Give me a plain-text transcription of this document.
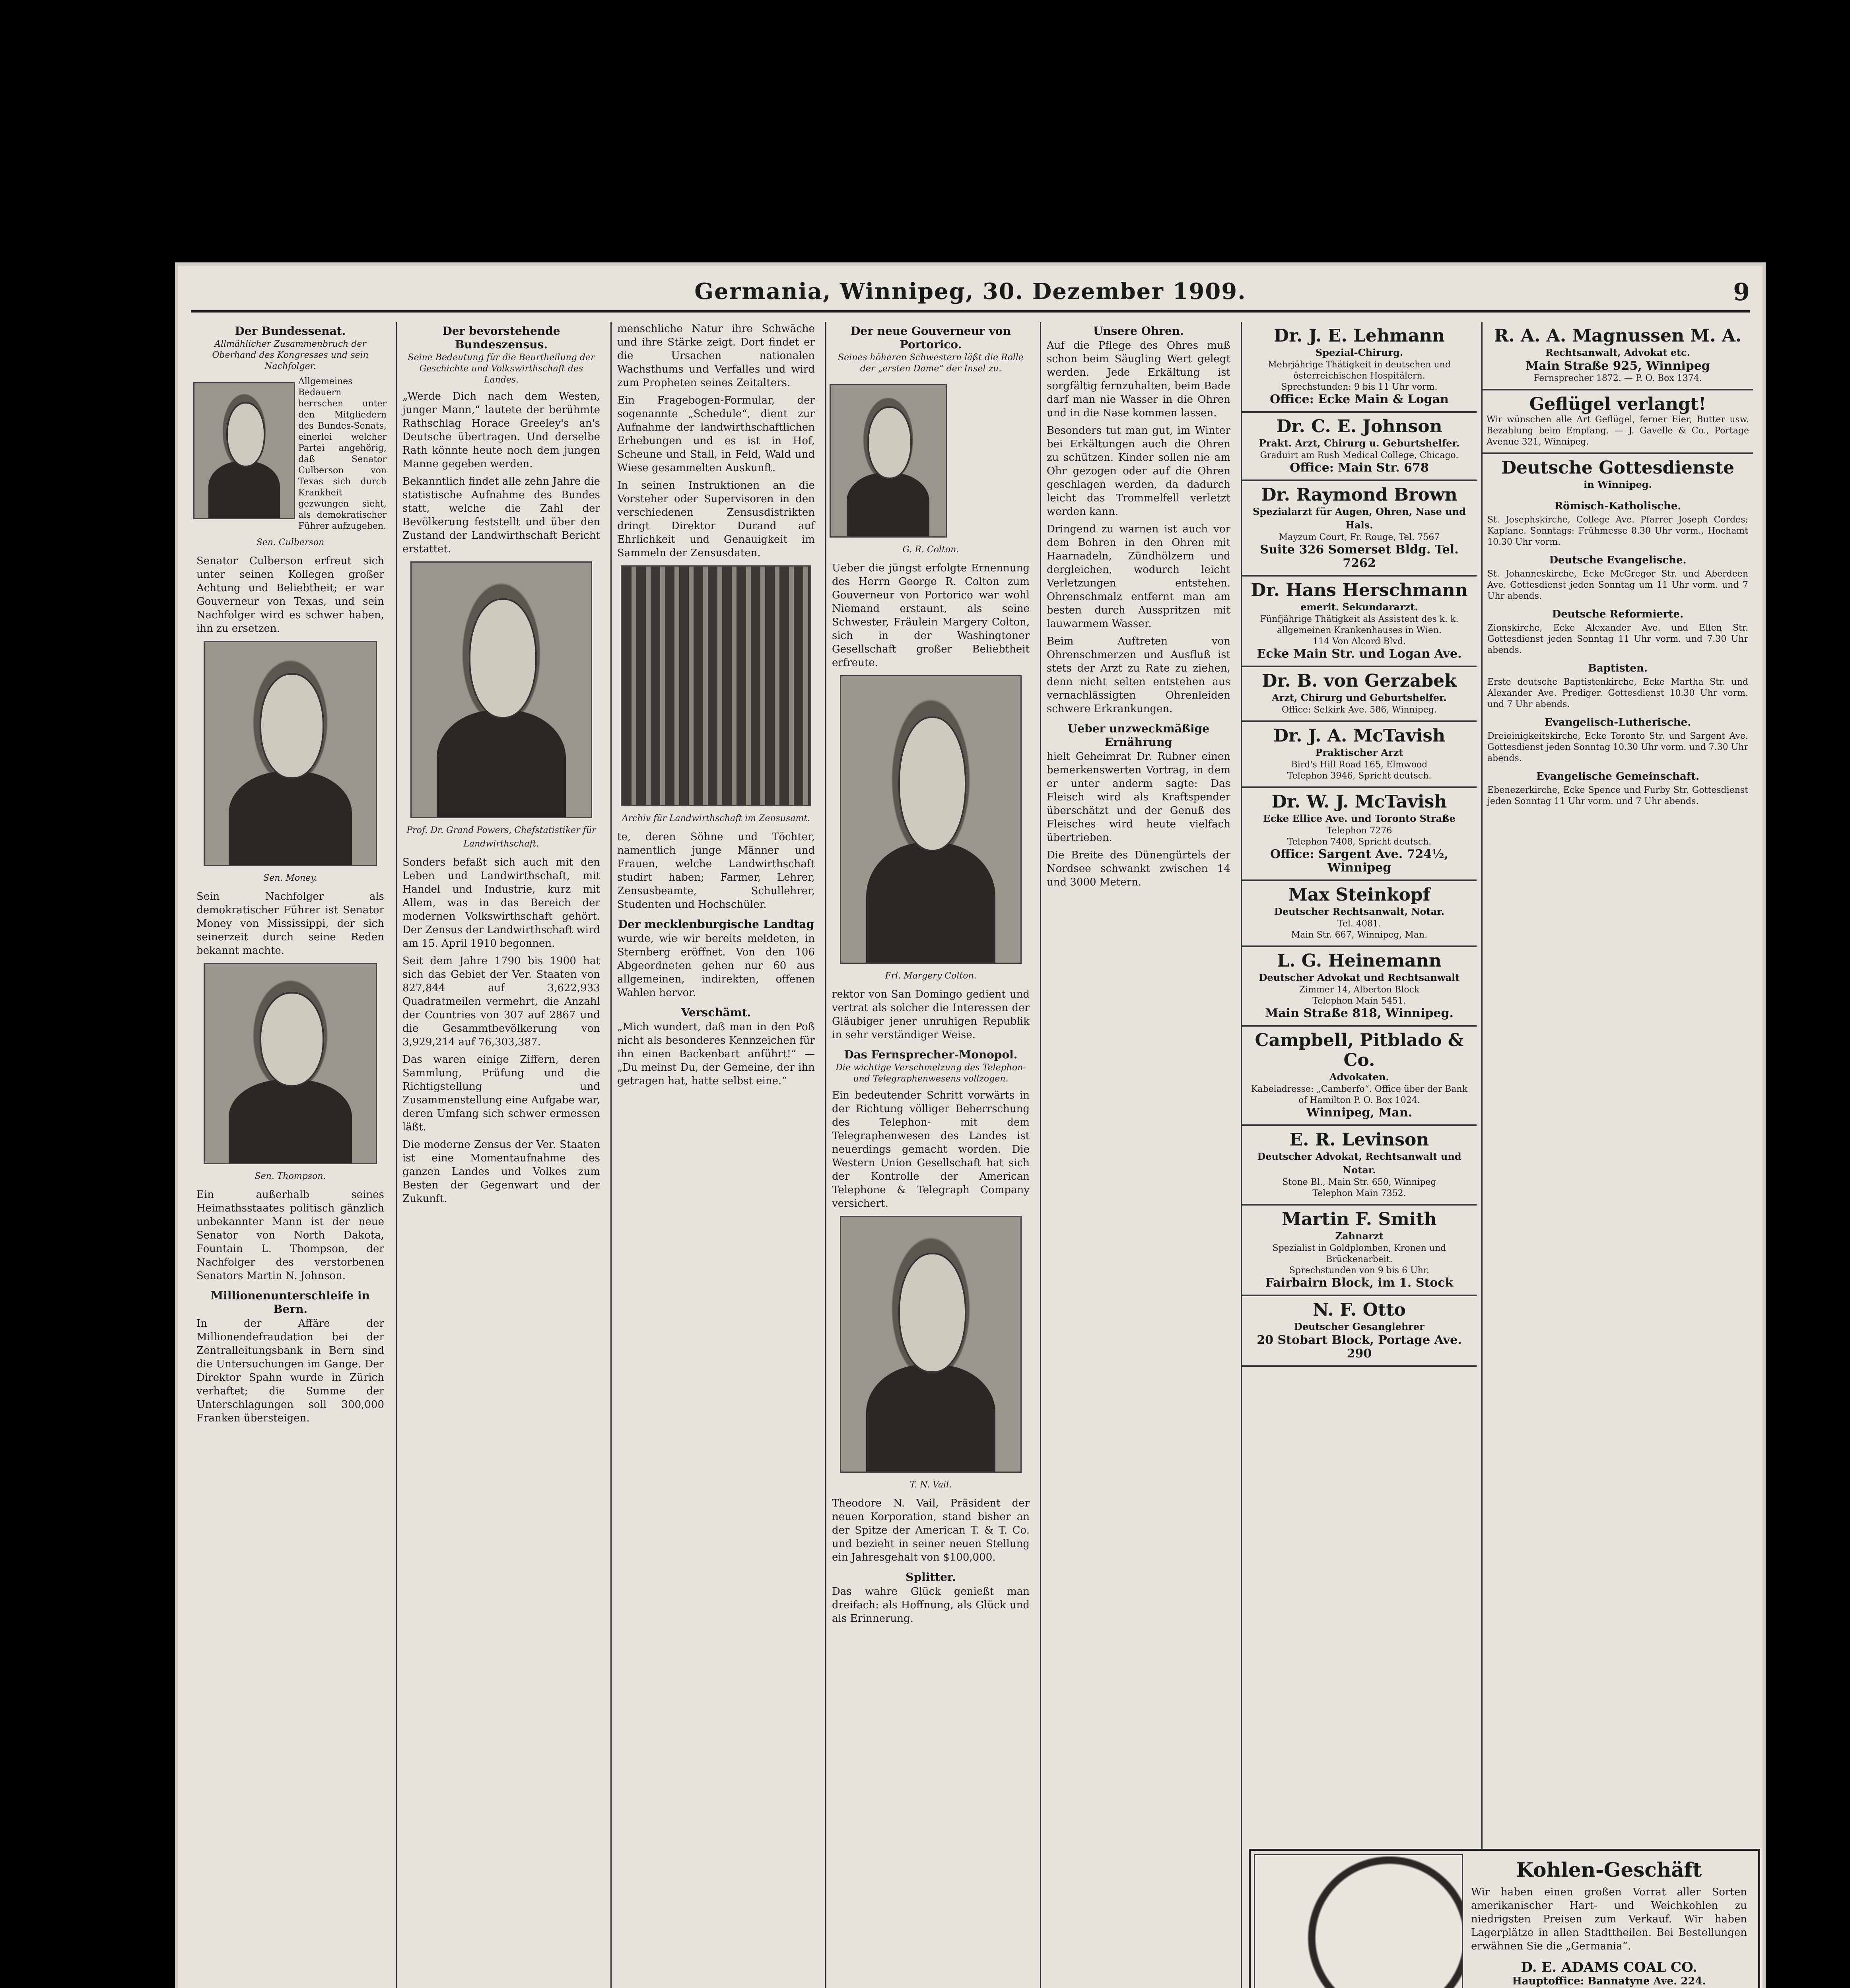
Germania, Winnipeg, 30. Dezember 1909.	9
Der Bundessenat.
Allmählicher Zusammenbruch der Oberhand des Kongresses und sein Nachfolger.

Allgemeines Bedauern herrschen unter den Mitgliedern des Bundes-Senats, einerlei welcher Partei angehörig, daß Senator Culberson von Texas sich durch Krankheit gezwungen sieht, als demokratischer Führer aufzugeben.

Sen. Culberson

Senator Culberson erfreut sich unter seinen Kollegen großer Achtung und Beliebtheit; er war Gouverneur von Texas, und sein Nachfolger wird es schwer haben, ihn zu ersetzen.

Sen. Money.

Sein Nachfolger als demokratischer Führer ist Senator Money von Mississippi, der sich seinerzeit durch seine Reden bekannt machte.

Sen. Thompson.

Ein außerhalb seines Heimathsstaates politisch gänzlich unbekannter Mann ist der neue Senator von North Dakota, Fountain L. Thompson, der Nachfolger des verstorbenen Senators Martin N. Johnson.

Millionenunterschleife in Bern.

In der Affäre der Millionendefraudation bei der Zentralleitungsbank in Bern sind die Untersuchungen im Gange. Der Direktor Spahn wurde in Zürich verhaftet; die Summe der Unterschlagungen soll 300,000 Franken übersteigen.

Der bevorstehende Bundeszensus.
Seine Bedeutung für die Beurtheilung der Geschichte und Volkswirthschaft des Landes.

„Werde Dich nach dem Westen, junger Mann,“ lautete der berühmte Rathschlag Horace Greeley's an's Deutsche übertragen. Und derselbe Rath könnte heute noch dem jungen Manne gegeben werden.

Bekanntlich findet alle zehn Jahre die statistische Aufnahme des Bundes statt, welche die Zahl der Bevölkerung feststellt und über den Zustand der Landwirthschaft Bericht erstattet.

Prof. Dr. Grand Powers, Chefstatistiker für Landwirthschaft.

Sonders befaßt sich auch mit den Leben und Landwirthschaft, mit Handel und Industrie, kurz mit Allem, was in das Bereich der modernen Volkswirthschaft gehört. Der Zensus der Landwirthschaft wird am 15. April 1910 begonnen.

Seit dem Jahre 1790 bis 1900 hat sich das Gebiet der Ver. Staaten von 827,844 auf 3,622,933 Quadratmeilen vermehrt, die Anzahl der Countries von 307 auf 2867 und die Gesammtbevölkerung von 3,929,214 auf 76,303,387.

Das waren einige Ziffern, deren Sammlung, Prüfung und die Richtigstellung und Zusammenstellung eine Aufgabe war, deren Umfang sich schwer ermessen läßt.

Die moderne Zensus der Ver. Staaten ist eine Momentaufnahme des ganzen Landes und Volkes zum Besten der Gegenwart und der Zukunft.

menschliche Natur ihre Schwäche und ihre Stärke zeigt. Dort findet er die Ursachen nationalen Wachsthums und Verfalles und wird zum Propheten seines Zeitalters.

Ein Fragebogen-Formular, der sogenannte „Schedule“, dient zur Aufnahme der landwirthschaftlichen Erhebungen und es ist in Hof, Scheune und Stall, in Feld, Wald und Wiese gesammelten Auskunft.

In seinen Instruktionen an die Vorsteher oder Supervisoren in den verschiedenen Zensusdistrikten dringt Direktor Durand auf Ehrlichkeit und Genauigkeit im Sammeln der Zensusdaten.

Archiv für Landwirthschaft im Zensusamt.

te, deren Söhne und Töchter, namentlich junge Männer und Frauen, welche Landwirthschaft studirt haben; Farmer, Lehrer, Zensusbeamte, Schullehrer, Studenten und Hochschüler.

Der mecklenburgische Landtag

wurde, wie wir bereits meldeten, in Sternberg eröffnet. Von den 106 Abgeordneten gehen nur 60 aus allgemeinen, indirekten, offenen Wahlen hervor.

Verschämt.

„Mich wundert, daß man in den Poß nicht als besonderes Kennzeichen für ihn einen Backenbart anführt!“ — „Du meinst Du, der Gemeine, der ihn getragen hat, hatte selbst eine.“

Der neue Gouverneur von Portorico.
Seines höheren Schwestern läßt die Rolle der „ersten Dame“ der Insel zu.
G. R. Colton.

Ueber die jüngst erfolgte Ernennung des Herrn George R. Colton zum Gouverneur von Portorico war wohl Niemand erstaunt, als seine Schwester, Fräulein Margery Colton, sich in der Washingtoner Gesellschaft großer Beliebtheit erfreute.

Frl. Margery Colton.

rektor von San Domingo gedient und vertrat als solcher die Interessen der Gläubiger jener unruhigen Republik in sehr verständiger Weise.

Das Fernsprecher-Monopol.
Die wichtige Verschmelzung des Telephon- und Telegraphenwesens vollzogen.

Ein bedeutender Schritt vorwärts in der Richtung völliger Beherrschung des Telephon- mit dem Telegraphenwesen des Landes ist neuerdings gemacht worden. Die Western Union Gesellschaft hat sich der Kontrolle der American Telephone & Telegraph Company versichert.

T. N. Vail.

Theodore N. Vail, Präsident der neuen Korporation, stand bisher an der Spitze der American T. & T. Co. und bezieht in seiner neuen Stellung ein Jahresgehalt von $100,000.

Splitter.

Das wahre Glück genießt man dreifach: als Hoffnung, als Glück und als Erinnerung.

Unsere Ohren.

Auf die Pflege des Ohres muß schon beim Säugling Wert gelegt werden. Jede Erkältung ist sorgfältig fernzuhalten, beim Bade darf man nie Wasser in die Ohren und in die Nase kommen lassen.

Besonders tut man gut, im Winter bei Erkältungen auch die Ohren zu schützen. Kinder sollen nie am Ohr gezogen oder auf die Ohren geschlagen werden, da dadurch leicht das Trommelfell verletzt werden kann.

Dringend zu warnen ist auch vor dem Bohren in den Ohren mit Haarnadeln, Zündhölzern und dergleichen, wodurch leicht Verletzungen entstehen. Ohrenschmalz entfernt man am besten durch Ausspritzen mit lauwarmem Wasser.

Beim Auftreten von Ohrenschmerzen und Ausfluß ist stets der Arzt zu Rate zu ziehen, denn nicht selten entstehen aus vernachlässigten Ohrenleiden schwere Erkrankungen.

Ueber unzweckmäßige Ernährung

hielt Geheimrat Dr. Rubner einen bemerkenswerten Vortrag, in dem er unter anderm sagte: Das Fleisch wird als Kraftspender überschätzt und der Genuß des Fleisches wird heute vielfach übertrieben.

Die Breite des Dünengürtels der Nordsee schwankt zwischen 14 und 3000 Metern.

Dr. J. E. Lehmann
Spezial-Chirurg.
Mehrjährige Thätigkeit in deutschen und österreichischen Hospitälern.
Sprechstunden: 9 bis 11 Uhr vorm.
Office: Ecke Main & Logan
Dr. C. E. Johnson
Prakt. Arzt, Chirurg u. Geburtshelfer.
Graduirt am Rush Medical College, Chicago.
Office: Main Str. 678
Dr. Raymond Brown
Spezialarzt für Augen, Ohren, Nase und Hals.
Mayzum Court, Fr. Rouge, Tel. 7567
Suite 326 Somerset Bldg. Tel. 7262
Dr. Hans Herschmann
emerit. Sekundararzt.
Fünfjährige Thätigkeit als Assistent des k. k. allgemeinen Krankenhauses in Wien.
114 Von Alcord Blvd.
Ecke Main Str. und Logan Ave.
Dr. B. von Gerzabek
Arzt, Chirurg und Geburtshelfer.
Office: Selkirk Ave. 586, Winnipeg.
Dr. J. A. McTavish
Praktischer Arzt
Bird's Hill Road 165, Elmwood
Telephon 3946, Spricht deutsch.
Dr. W. J. McTavish
Ecke Ellice Ave. und Toronto Straße
Telephon 7276
Telephon 7408, Spricht deutsch.
Office: Sargent Ave. 724½, Winnipeg
Max Steinkopf
Deutscher Rechtsanwalt, Notar.
Tel. 4081.
Main Str. 667, Winnipeg, Man.
L. G. Heinemann
Deutscher Advokat und Rechtsanwalt
Zimmer 14, Alberton Block
Telephon Main 5451.
Main Straße 818, Winnipeg.
Campbell, Pitblado & Co.
Advokaten.
Kabeladresse: „Camberfo“. Office über der Bank of Hamilton P. O. Box 1024.
Winnipeg, Man.
E. R. Levinson
Deutscher Advokat, Rechtsanwalt und Notar.
Stone Bl., Main Str. 650, Winnipeg
Telephon Main 7352.
Martin F. Smith
Zahnarzt
Spezialist in Goldplomben, Kronen und Brückenarbeit.
Sprechstunden von 9 bis 6 Uhr.
Fairbairn Block, im 1. Stock
N. F. Otto
Deutscher Gesanglehrer
20 Stobart Block, Portage Ave. 290
R. A. A. Magnussen M. A.
Rechtsanwalt, Advokat etc.
Main Straße 925, Winnipeg
Fernsprecher 1872. — P. O. Box 1374.
Geflügel verlangt!
Wir wünschen alle Art Geflügel, ferner Eier, Butter usw. Bezahlung beim Empfang. — J. Gavelle & Co., Portage Avenue 321, Winnipeg.
Deutsche Gottesdienste
in Winnipeg.
Römisch-Katholische.
St. Josephskirche, College Ave. Pfarrer Joseph Cordes; Kaplane. Sonntags: Frühmesse 8.30 Uhr vorm., Hochamt 10.30 Uhr vorm.
Deutsche Evangelische.
St. Johanneskirche, Ecke McGregor Str. und Aberdeen Ave. Gottesdienst jeden Sonntag um 11 Uhr vorm. und 7 Uhr abends.
Deutsche Reformierte.
Zionskirche, Ecke Alexander Ave. und Ellen Str. Gottesdienst jeden Sonntag 11 Uhr vorm. und 7.30 Uhr abends.
Baptisten.
Erste deutsche Baptistenkirche, Ecke Martha Str. und Alexander Ave. Prediger. Gottesdienst 10.30 Uhr vorm. und 7 Uhr abends.
Evangelisch-Lutherische.
Dreieinigkeitskirche, Ecke Toronto Str. und Sargent Ave. Gottesdienst jeden Sonntag 10.30 Uhr vorm. und 7.30 Uhr abends.
Evangelische Gemeinschaft.
Ebenezerkirche, Ecke Spence und Furby Str. Gottesdienst jeden Sonntag 11 Uhr vorm. und 7 Uhr abends.
Kohlen-Geschäft
Wir haben einen großen Vorrat aller Sorten amerikanischer Hart- und Weichkohlen zu niedrigsten Preisen zum Verkauf. Wir haben Lagerplätze in allen Stadttheilen. Bei Bestellungen erwähnen Sie die „Germania“.
D. E. ADAMS COAL CO.
Hauptoffice: Bannatyne Ave. 224.
